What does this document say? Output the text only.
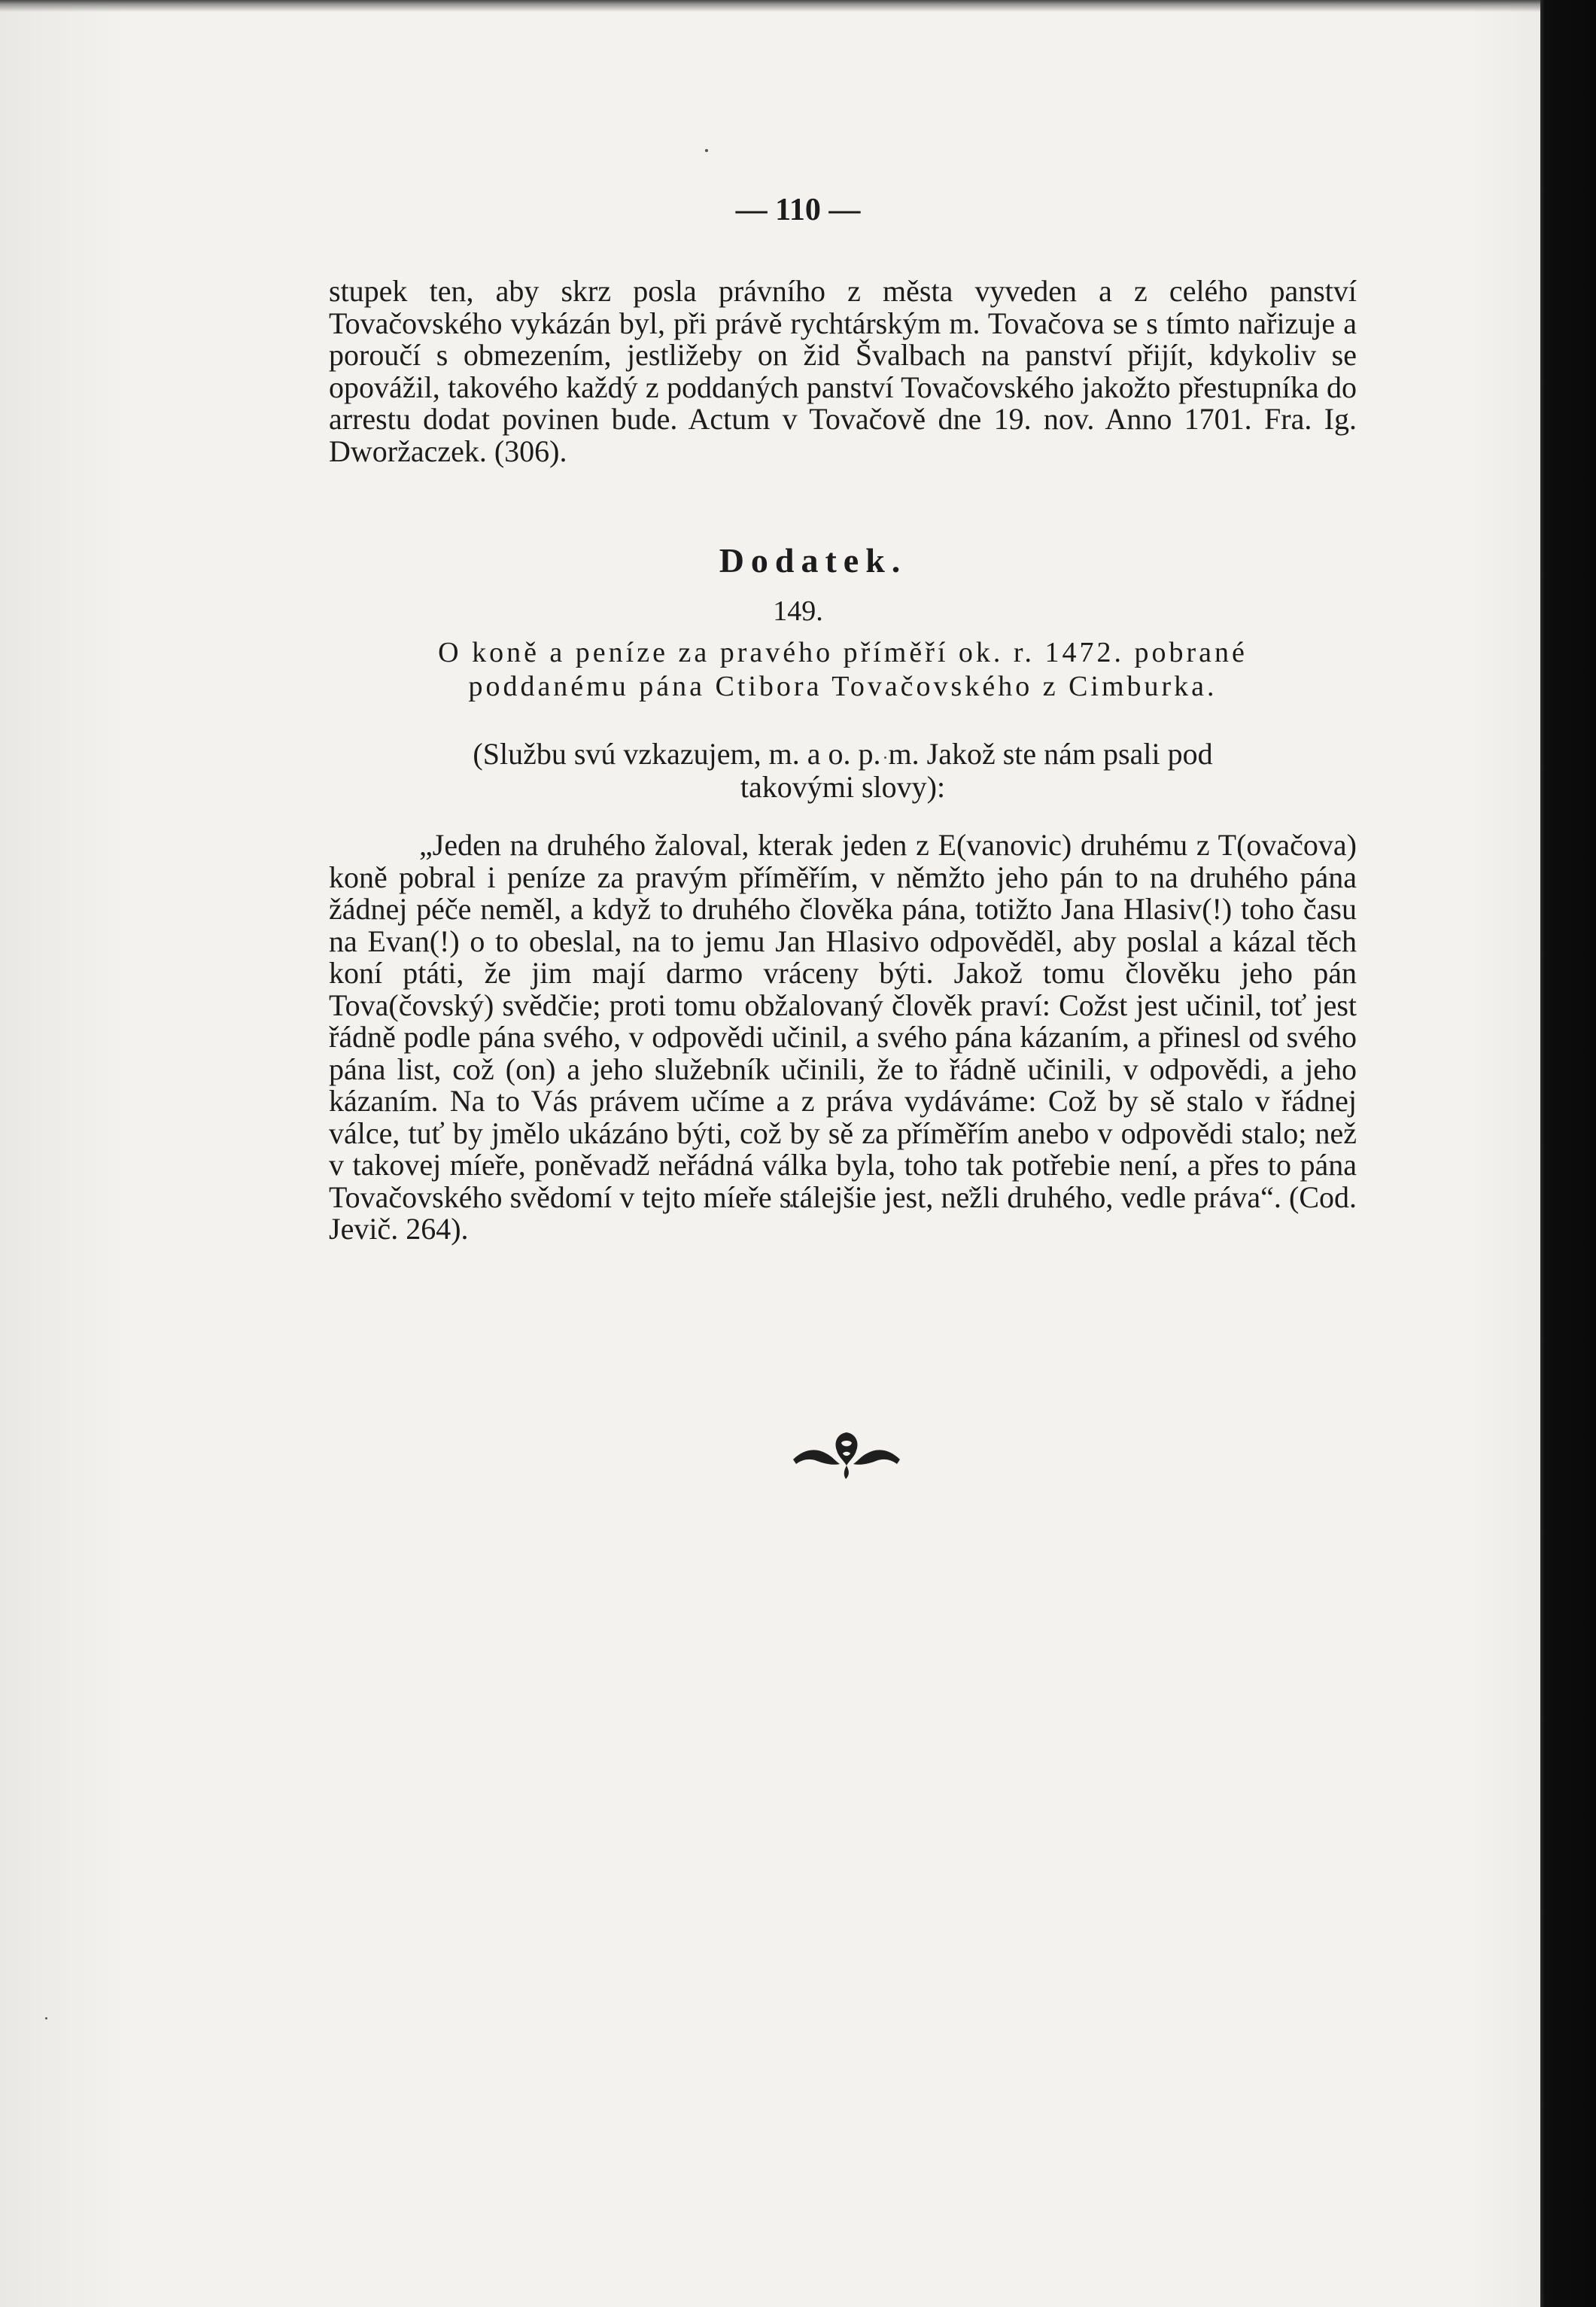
— 110 —

stupek ten, aby skrz posla právního z města vyveden a z celého panství Tovačovského vykázán byl, při právě rychtárským m. Tovačova se s tímto nařizuje a poroučí s obmezením, jestližeby on žid Švalbach na panství přijít, kdykoliv se opovážil, takového každý z poddaných panství Tovačovského jakožto přestupníka do arrestu dodat povinen bude. Actum v Tovačově dne 19. nov. Anno 1701. Fra. Ig. Dworžaczek. (306).

Dodatek.
149.
O koně a peníze za pravého příměří ok. r. 1472. pobrané
poddanému pána Ctibora Tovačovského z Cimburka.
(Službu svú vzkazujem, m. a o. p. m. Jakož ste nám psali pod
takovými slovy):

„Jeden na druhého žaloval, kterak jeden z E(vanovic) druhému z T(ovačova) koně pobral i peníze za pravým příměřím, v němžto jeho pán to na druhého pána žádnej péče neměl, a když to druhého člověka pána, totižto Jana Hlasiv(!) toho času na Evan(!) o to obeslal, na to jemu Jan Hlasivo odpověděl, aby poslal a kázal těch koní ptáti, že jim mají darmo vráceny býti. Jakož tomu člověku jeho pán Tova(čovský) svědčie; proti tomu obžalovaný člověk praví: Cožst jest učinil, toť jest řádně podle pána svého, v odpovědi učinil, a svého pána kázaním, a přinesl od svého pána list, což (on) a jeho služebník učinili, že to řádně učinili, v odpovědi, a jeho kázaním. Na to Vás právem učíme a z práva vydáváme: Což by sě stalo v řádnej válce, tuť by jmělo ukázáno býti, což by sě za příměřím anebo v odpovědi stalo; než v takovej míeře, poněvadž neřádná válka byla, toho tak potřebie není, a přes to pána Tovačovského svědomí v tejto míeře stálejšie jest, nežli druhého, vedle práva“. (Cod. Jevič. 264).
